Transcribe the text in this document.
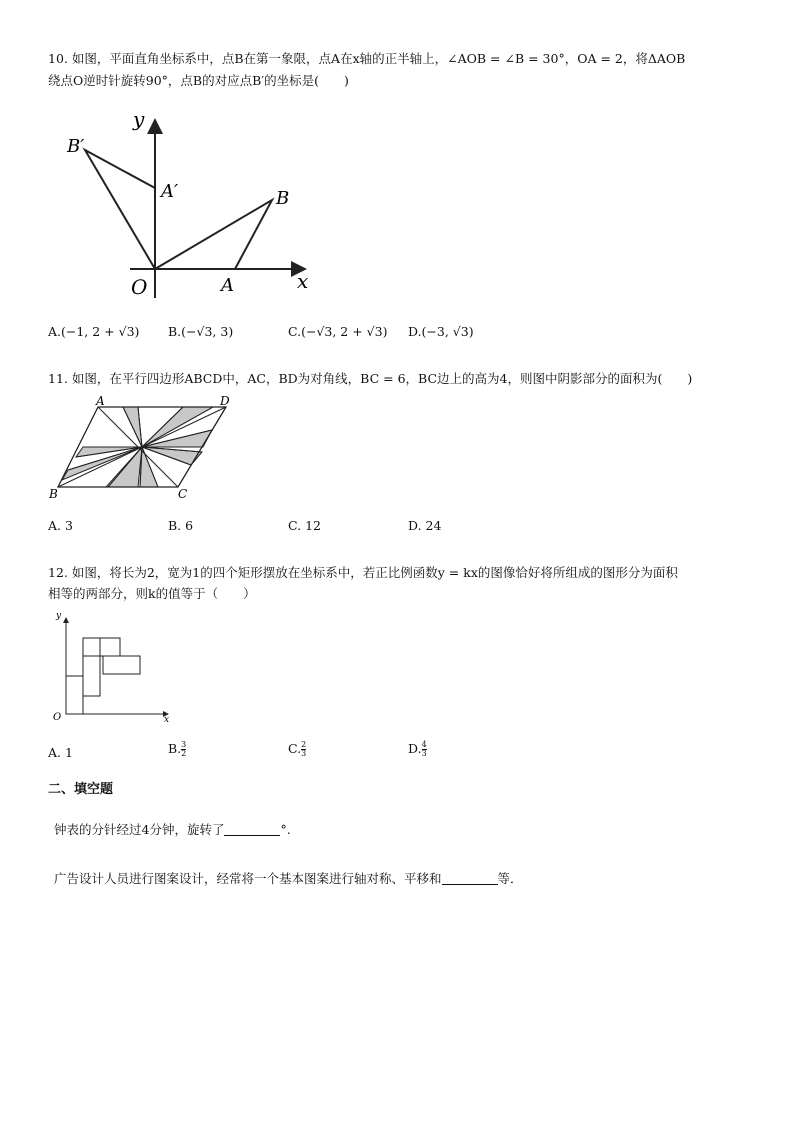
10. 如图，平面直角坐标系中，点B在第一象限，点A在x轴的正半轴上，∠AOB = ∠B = 30°，OA = 2，将ΔAOB
绕点O逆时针旋转90°，点B的对应点B′的坐标是(　　)
y
x
O	A
B
A′
B′
A.(−1, 2 + √3) B.(−√3, 3)	C.(−√3, 2 + √3) D.(−3, √3)
11. 如图，在平行四边形ABCD中，AC，BD为对角线，BC = 6，BC边上的高为4，则图中阴影部分的面积为(　　)
A	D
B	C
A. 3	B. 6	C. 12	D. 24
12. 如图，将长为2，宽为1的四个矩形摆放在坐标系中，若正比例函数y = kx的图像恰好将所组成的图形分为面积
相等的两部分，则k的值等于（　　）
y
x
O
A. 1	B. $\frac{3}{2}$	C. $\frac{2}{3}$	D. $\frac{4}{3}$
二、填空题
钟表的分针经过4分钟，旋转了	°.
广告设计人员进行图案设计，经常将一个基本图案进行轴对称、平移和	等．
